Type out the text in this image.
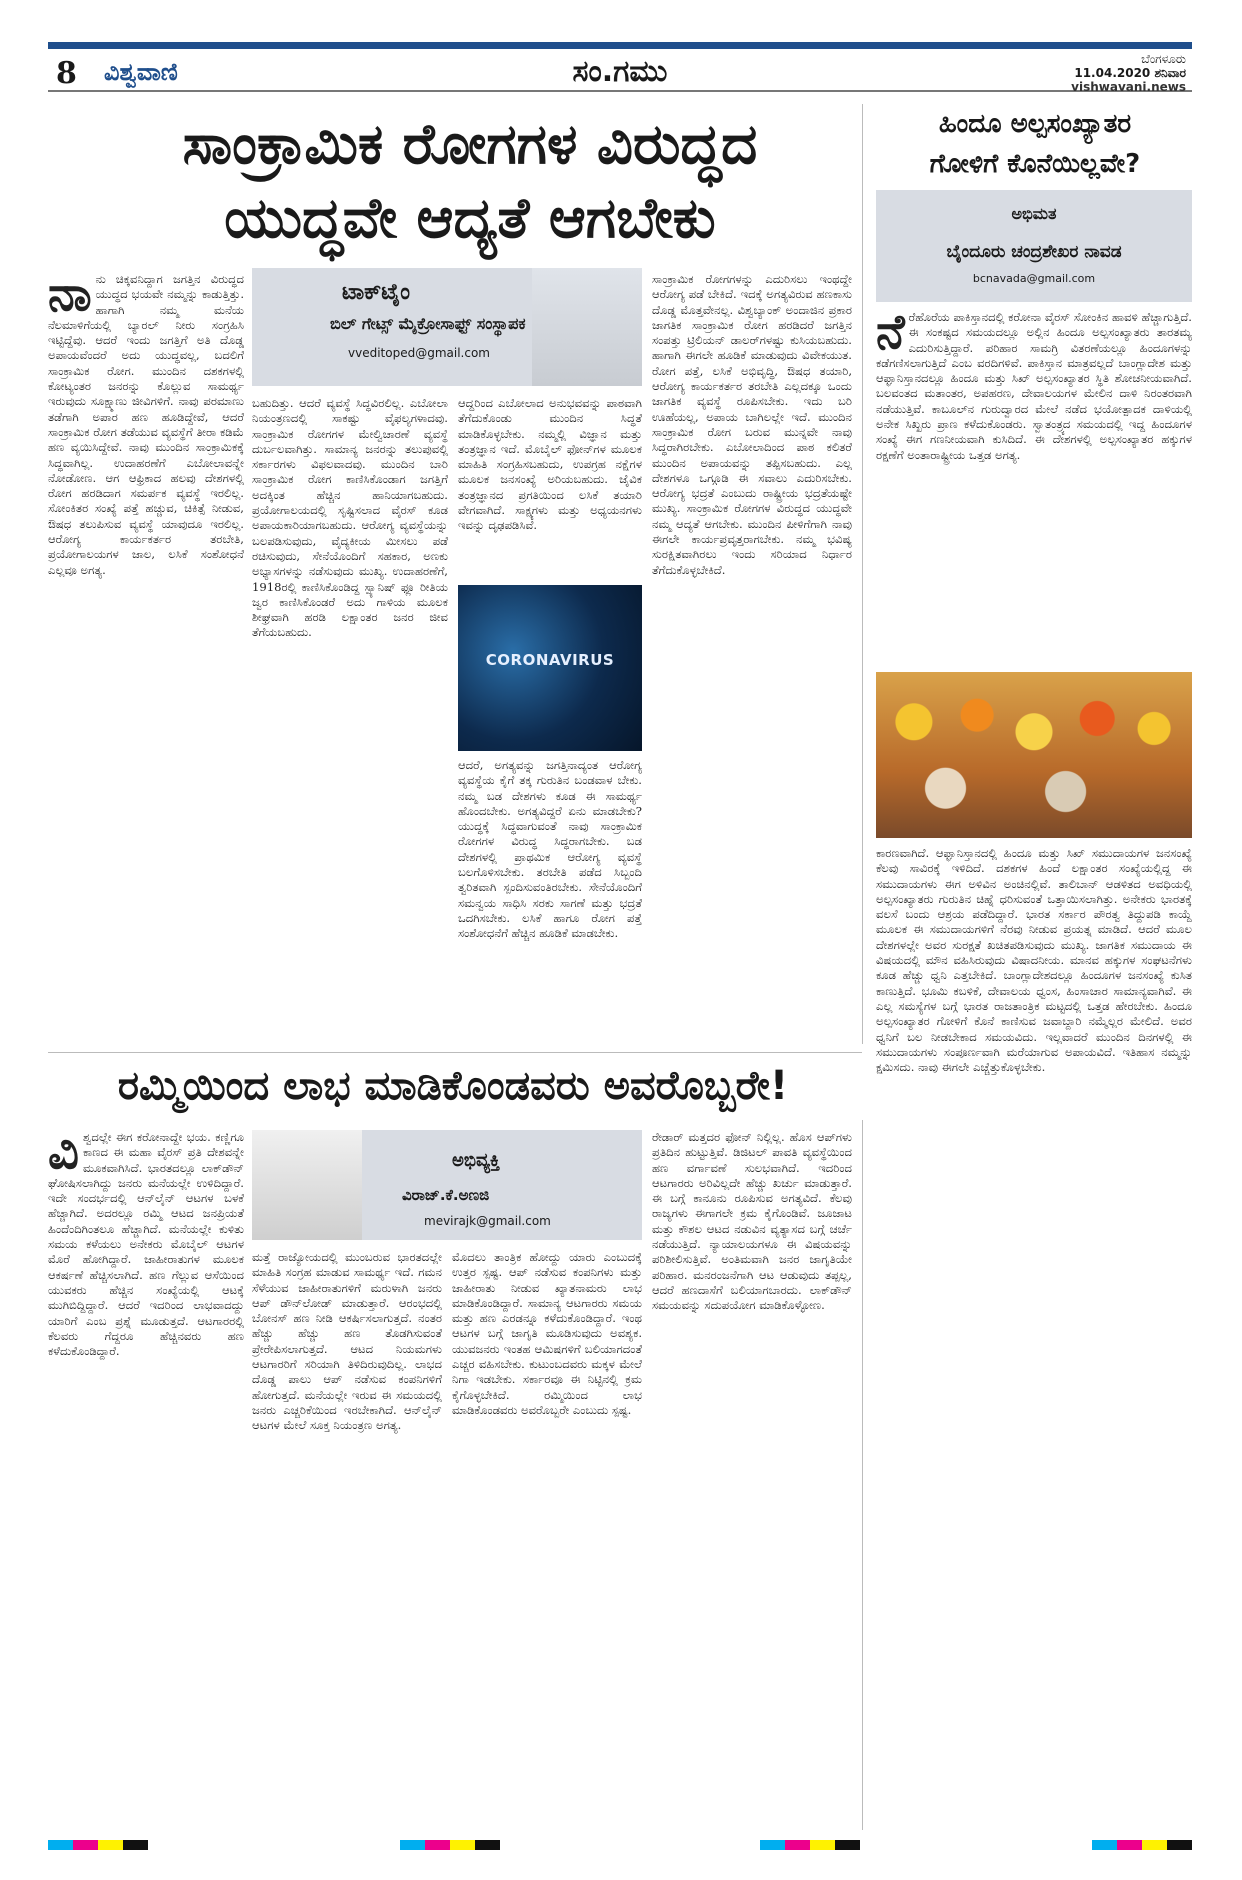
8 ವಿಶ್ವವಾಣಿ	ಸಂ.ಗಮು	ಬೆಂಗಳೂರು
11.04.2020 ಶನಿವಾರ
vishwavani.news
ಸಾಂಕ್ರಾಮಿಕ ರೋಗಗಳ ವಿರುದ್ಧದ
ಯುದ್ಧವೇ ಆದ್ಯತೆ ಆಗಬೇಕು
ಟಾಕ್‌ಟೈಂ
ಬಿಲ್ ಗೇಟ್ಸ್ ಮೈಕ್ರೋಸಾಫ್ಟ್ ಸಂಸ್ಥಾಪಕ
vveditoped@gmail.com
ನಾ ನು ಚಿಕ್ಕವನಿದ್ದಾಗ ಜಗತ್ತಿನ ವಿರುದ್ಧದ ಯುದ್ಧದ ಭಯವೇ ನಮ್ಮನ್ನು ಕಾಡುತ್ತಿತ್ತು. ಹಾಗಾಗಿ ನಮ್ಮ ಮನೆಯ ನೆಲಮಾಳಿಗೆಯಲ್ಲಿ ಬ್ಯಾರಲ್ ನೀರು ಸಂಗ್ರಹಿಸಿ ಇಟ್ಟಿದ್ದೆವು. ಆದರೆ ಇಂದು ಜಗತ್ತಿಗೆ ಅತಿ ದೊಡ್ಡ ಅಪಾಯವೆಂದರೆ ಅದು ಯುದ್ಧವಲ್ಲ, ಬದಲಿಗೆ ಸಾಂಕ್ರಾಮಿಕ ರೋಗ. ಮುಂದಿನ ದಶಕಗಳಲ್ಲಿ ಕೋಟ್ಯಂತರ ಜನರನ್ನು ಕೊಲ್ಲುವ ಸಾಮರ್ಥ್ಯ ಇರುವುದು ಸೂಕ್ಷ್ಮಾಣು ಜೀವಿಗಳಿಗೆ. ನಾವು ಪರಮಾಣು ತಡೆಗಾಗಿ ಅಪಾರ ಹಣ ಹೂಡಿದ್ದೇವೆ, ಆದರೆ ಸಾಂಕ್ರಾಮಿಕ ರೋಗ ತಡೆಯುವ ವ್ಯವಸ್ಥೆಗೆ ತೀರಾ ಕಡಿಮೆ ಹಣ ವ್ಯಯಿಸಿದ್ದೇವೆ. ನಾವು ಮುಂದಿನ ಸಾಂಕ್ರಾಮಿಕಕ್ಕೆ ಸಿದ್ಧವಾಗಿಲ್ಲ. ಉದಾಹರಣೆಗೆ ಎಬೋಲಾವನ್ನೇ ನೋಡೋಣ. ಆಗ ಆಫ್ರಿಕಾದ ಹಲವು ದೇಶಗಳಲ್ಲಿ ರೋಗ ಹರಡಿದಾಗ ಸಮರ್ಪಕ ವ್ಯವಸ್ಥೆ ಇರಲಿಲ್ಲ. ಸೋಂಕಿತರ ಸಂಖ್ಯೆ ಪತ್ತೆ ಹಚ್ಚುವ, ಚಿಕಿತ್ಸೆ ನೀಡುವ, ಔಷಧ ತಲುಪಿಸುವ ವ್ಯವಸ್ಥೆ ಯಾವುದೂ ಇರಲಿಲ್ಲ. ಆರೋಗ್ಯ ಕಾರ್ಯಕರ್ತರ ತರಬೇತಿ, ಪ್ರಯೋಗಾಲಯಗಳ ಜಾಲ, ಲಸಿಕೆ ಸಂಶೋಧನೆ ಎಲ್ಲವೂ ಅಗತ್ಯ.
ಬಹುದಿತ್ತು. ಆದರೆ ವ್ಯವಸ್ಥೆ ಸಿದ್ಧವಿರಲಿಲ್ಲ. ಎಬೋಲಾ ನಿಯಂತ್ರಣದಲ್ಲಿ ಸಾಕಷ್ಟು ವೈಫಲ್ಯಗಳಾದವು. ಸಾಂಕ್ರಾಮಿಕ ರೋಗಗಳ ಮೇಲ್ವಿಚಾರಣೆ ವ್ಯವಸ್ಥೆ ದುರ್ಬಲವಾಗಿತ್ತು. ಸಾಮಾನ್ಯ ಜನರನ್ನು ತಲುಪುವಲ್ಲಿ ಸರ್ಕಾರಗಳು ವಿಫಲವಾದವು. ಮುಂದಿನ ಬಾರಿ ಸಾಂಕ್ರಾಮಿಕ ರೋಗ ಕಾಣಿಸಿಕೊಂಡಾಗ ಜಗತ್ತಿಗೆ ಅದಕ್ಕಿಂತ ಹೆಚ್ಚಿನ ಹಾನಿಯಾಗಬಹುದು. ಪ್ರಯೋಗಾಲಯದಲ್ಲಿ ಸೃಷ್ಟಿಸಲಾದ ವೈರಸ್ ಕೂಡ ಅಪಾಯಕಾರಿಯಾಗಬಹುದು. ಆರೋಗ್ಯ ವ್ಯವಸ್ಥೆಯನ್ನು ಬಲಪಡಿಸುವುದು, ವೈದ್ಯಕೀಯ ಮೀಸಲು ಪಡೆ ರಚಿಸುವುದು, ಸೇನೆಯೊಂದಿಗೆ ಸಹಕಾರ, ಅಣಕು ಅಭ್ಯಾಸಗಳನ್ನು ನಡೆಸುವುದು ಮುಖ್ಯ. ಉದಾಹರಣೆಗೆ, 1918ರಲ್ಲಿ ಕಾಣಿಸಿಕೊಂಡಿದ್ದ ಸ್ಪ್ಯಾನಿಷ್ ಫ್ಲೂ ರೀತಿಯ ಜ್ವರ ಕಾಣಿಸಿಕೊಂಡರೆ ಅದು ಗಾಳಿಯ ಮೂಲಕ ಶೀಘ್ರವಾಗಿ ಹರಡಿ ಲಕ್ಷಾಂತರ ಜನರ ಜೀವ ತೆಗೆಯಬಹುದು.
ಆದ್ದರಿಂದ ಎಬೋಲಾದ ಅನುಭವವನ್ನು ಪಾಠವಾಗಿ ತೆಗೆದುಕೊಂಡು ಮುಂದಿನ ಸಿದ್ಧತೆ ಮಾಡಿಕೊಳ್ಳಬೇಕು. ನಮ್ಮಲ್ಲಿ ವಿಜ್ಞಾನ ಮತ್ತು ತಂತ್ರಜ್ಞಾನ ಇದೆ. ಮೊಬೈಲ್ ಫೋನ್‌ಗಳ ಮೂಲಕ ಮಾಹಿತಿ ಸಂಗ್ರಹಿಸಬಹುದು, ಉಪಗ್ರಹ ನಕ್ಷೆಗಳ ಮೂಲಕ ಜನಸಂಖ್ಯೆ ಅರಿಯಬಹುದು. ಜೈವಿಕ ತಂತ್ರಜ್ಞಾನದ ಪ್ರಗತಿಯಿಂದ ಲಸಿಕೆ ತಯಾರಿ ವೇಗವಾಗಿದೆ. ಸಾಕ್ಷ್ಯಗಳು ಮತ್ತು ಅಧ್ಯಯನಗಳು ಇವನ್ನು ದೃಢಪಡಿಸಿವೆ.
CORONAVIRUS
ಆದರೆ, ಅಗತ್ಯವನ್ನು ಜಗತ್ತಿನಾದ್ಯಂತ ಆರೋಗ್ಯ ವ್ಯವಸ್ಥೆಯ ಕೈಗೆ ತಕ್ಕ ಗುರುತಿನ ಬಂಡವಾಳ ಬೇಕು. ನಮ್ಮ ಬಡ ದೇಶಗಳು ಕೂಡ ಈ ಸಾಮರ್ಥ್ಯ ಹೊಂದಬೇಕು. ಅಗತ್ಯವಿದ್ದರೆ ಏನು ಮಾಡಬೇಕು? ಯುದ್ಧಕ್ಕೆ ಸಿದ್ಧವಾಗುವಂತೆ ನಾವು ಸಾಂಕ್ರಾಮಿಕ ರೋಗಗಳ ವಿರುದ್ಧ ಸಿದ್ಧರಾಗಬೇಕು. ಬಡ ದೇಶಗಳಲ್ಲಿ ಪ್ರಾಥಮಿಕ ಆರೋಗ್ಯ ವ್ಯವಸ್ಥೆ ಬಲಗೊಳಿಸಬೇಕು. ತರಬೇತಿ ಪಡೆದ ಸಿಬ್ಬಂದಿ ತ್ವರಿತವಾಗಿ ಸ್ಪಂದಿಸುವಂತಿರಬೇಕು. ಸೇನೆಯೊಂದಿಗೆ ಸಮನ್ವಯ ಸಾಧಿಸಿ ಸರಕು ಸಾಗಣೆ ಮತ್ತು ಭದ್ರತೆ ಒದಗಿಸಬೇಕು. ಲಸಿಕೆ ಹಾಗೂ ರೋಗ ಪತ್ತೆ ಸಂಶೋಧನೆಗೆ ಹೆಚ್ಚಿನ ಹೂಡಿಕೆ ಮಾಡಬೇಕು.
ಸಾಂಕ್ರಾಮಿಕ ರೋಗಗಳನ್ನು ಎದುರಿಸಲು ಇಂಥದ್ದೇ ಆರೋಗ್ಯ ಪಡೆ ಬೇಕಿದೆ. ಇದಕ್ಕೆ ಅಗತ್ಯವಿರುವ ಹಣಕಾಸು ದೊಡ್ಡ ಮೊತ್ತವೇನಲ್ಲ. ವಿಶ್ವಬ್ಯಾಂಕ್ ಅಂದಾಜಿನ ಪ್ರಕಾರ ಜಾಗತಿಕ ಸಾಂಕ್ರಾಮಿಕ ರೋಗ ಹರಡಿದರೆ ಜಗತ್ತಿನ ಸಂಪತ್ತು ಟ್ರಿಲಿಯನ್ ಡಾಲರ್‌ಗಳಷ್ಟು ಕುಸಿಯಬಹುದು. ಹಾಗಾಗಿ ಈಗಲೇ ಹೂಡಿಕೆ ಮಾಡುವುದು ವಿವೇಕಯುತ. ರೋಗ ಪತ್ತೆ, ಲಸಿಕೆ ಅಭಿವೃದ್ಧಿ, ಔಷಧ ತಯಾರಿ, ಆರೋಗ್ಯ ಕಾರ್ಯಕರ್ತರ ತರಬೇತಿ ಎಲ್ಲದಕ್ಕೂ ಒಂದು ಜಾಗತಿಕ ವ್ಯವಸ್ಥೆ ರೂಪಿಸಬೇಕು. ಇದು ಬರಿ ಊಹೆಯಲ್ಲ, ಅಪಾಯ ಬಾಗಿಲಲ್ಲೇ ಇದೆ. ಮುಂದಿನ ಸಾಂಕ್ರಾಮಿಕ ರೋಗ ಬರುವ ಮುನ್ನವೇ ನಾವು ಸಿದ್ಧರಾಗಿರಬೇಕು. ಎಬೋಲಾದಿಂದ ಪಾಠ ಕಲಿತರೆ ಮುಂದಿನ ಅಪಾಯವನ್ನು ತಪ್ಪಿಸಬಹುದು. ಎಲ್ಲ ದೇಶಗಳೂ ಒಗ್ಗೂಡಿ ಈ ಸವಾಲು ಎದುರಿಸಬೇಕು. ಆರೋಗ್ಯ ಭದ್ರತೆ ಎಂಬುದು ರಾಷ್ಟ್ರೀಯ ಭದ್ರತೆಯಷ್ಟೇ ಮುಖ್ಯ. ಸಾಂಕ್ರಾಮಿಕ ರೋಗಗಳ ವಿರುದ್ಧದ ಯುದ್ಧವೇ ನಮ್ಮ ಆದ್ಯತೆ ಆಗಬೇಕು. ಮುಂದಿನ ಪೀಳಿಗೆಗಾಗಿ ನಾವು ಈಗಲೇ ಕಾರ್ಯಪ್ರವೃತ್ತರಾಗಬೇಕು. ನಮ್ಮ ಭವಿಷ್ಯ ಸುರಕ್ಷಿತವಾಗಿರಲು ಇಂದು ಸರಿಯಾದ ನಿರ್ಧಾರ ತೆಗೆದುಕೊಳ್ಳಬೇಕಿದೆ.
ರಮ್ಮಿಯಿಂದ ಲಾಭ ಮಾಡಿಕೊಂಡವರು ಅವರೊಬ್ಬರೇ!
ಅಭಿವ್ಯಕ್ತಿ
ವಿರಾಜ್.ಕೆ.ಅಣಜಿ
mevirajk@gmail.com
ವಿ ಶ್ವದಲ್ಲೇ ಈಗ ಕರೋನಾದ್ದೇ ಭಯ. ಕಣ್ಣಿಗೂ ಕಾಣದ ಈ ಮಹಾ ವೈರಸ್ ಪ್ರತಿ ದೇಶವನ್ನೇ ಮೂಕವಾಗಿಸಿದೆ. ಭಾರತದಲ್ಲೂ ಲಾಕ್‌ಡೌನ್ ಘೋಷಿಸಲಾಗಿದ್ದು ಜನರು ಮನೆಯಲ್ಲೇ ಉಳಿದಿದ್ದಾರೆ. ಇದೇ ಸಂದರ್ಭದಲ್ಲಿ ಆನ್‌ಲೈನ್ ಆಟಗಳ ಬಳಕೆ ಹೆಚ್ಚಾಗಿದೆ. ಅದರಲ್ಲೂ ರಮ್ಮಿ ಆಟದ ಜನಪ್ರಿಯತೆ ಹಿಂದೆಂದಿಗಿಂತಲೂ ಹೆಚ್ಚಾಗಿದೆ. ಮನೆಯಲ್ಲೇ ಕುಳಿತು ಸಮಯ ಕಳೆಯಲು ಅನೇಕರು ಮೊಬೈಲ್ ಆಟಗಳ ಮೊರೆ ಹೋಗಿದ್ದಾರೆ. ಜಾಹೀರಾತುಗಳ ಮೂಲಕ ಆಕರ್ಷಣೆ ಹೆಚ್ಚಿಸಲಾಗಿದೆ. ಹಣ ಗೆಲ್ಲುವ ಆಸೆಯಿಂದ ಯುವಕರು ಹೆಚ್ಚಿನ ಸಂಖ್ಯೆಯಲ್ಲಿ ಆಟಕ್ಕೆ ಮುಗಿಬಿದ್ದಿದ್ದಾರೆ. ಆದರೆ ಇದರಿಂದ ಲಾಭವಾದದ್ದು ಯಾರಿಗೆ ಎಂಬ ಪ್ರಶ್ನೆ ಮೂಡುತ್ತದೆ. ಆಟಗಾರರಲ್ಲಿ ಕೆಲವರು ಗೆದ್ದರೂ ಹೆಚ್ಚಿನವರು ಹಣ ಕಳೆದುಕೊಂಡಿದ್ದಾರೆ.
ಮತ್ತೆ ರಾಜ್ಯೋಯದಲ್ಲಿ ಮುಂಬರುವ ಭಾರತದಲ್ಲೇ ಮಾಹಿತಿ ಸಂಗ್ರಹ ಮಾಡುವ ಸಾಮರ್ಥ್ಯ ಇದೆ. ಗಮನ ಸೆಳೆಯುವ ಜಾಹೀರಾತುಗಳಿಗೆ ಮರುಳಾಗಿ ಜನರು ಆಪ್ ಡೌನ್‌ಲೋಡ್ ಮಾಡುತ್ತಾರೆ. ಆರಂಭದಲ್ಲಿ ಬೋನಸ್ ಹಣ ನೀಡಿ ಆಕರ್ಷಿಸಲಾಗುತ್ತದೆ. ನಂತರ ಹೆಚ್ಚು ಹೆಚ್ಚು ಹಣ ತೊಡಗಿಸುವಂತೆ ಪ್ರೇರೇಪಿಸಲಾಗುತ್ತದೆ. ಆಟದ ನಿಯಮಗಳು ಆಟಗಾರರಿಗೆ ಸರಿಯಾಗಿ ತಿಳಿದಿರುವುದಿಲ್ಲ. ಲಾಭದ ದೊಡ್ಡ ಪಾಲು ಆಪ್ ನಡೆಸುವ ಕಂಪನಿಗಳಿಗೆ ಹೋಗುತ್ತದೆ. ಮನೆಯಲ್ಲೇ ಇರುವ ಈ ಸಮಯದಲ್ಲಿ ಜನರು ಎಚ್ಚರಿಕೆಯಿಂದ ಇರಬೇಕಾಗಿದೆ. ಆನ್‌ಲೈನ್ ಆಟಗಳ ಮೇಲೆ ಸೂಕ್ತ ನಿಯಂತ್ರಣ ಅಗತ್ಯ.
ಮೊದಲು ತಾಂತ್ರಿಕ ಹೋದ್ದು ಯಾರು ಎಂಬುದಕ್ಕೆ ಉತ್ತರ ಸ್ಪಷ್ಟ. ಆಪ್ ನಡೆಸುವ ಕಂಪನಿಗಳು ಮತ್ತು ಜಾಹೀರಾತು ನೀಡುವ ಖ್ಯಾತನಾಮರು ಲಾಭ ಮಾಡಿಕೊಂಡಿದ್ದಾರೆ. ಸಾಮಾನ್ಯ ಆಟಗಾರರು ಸಮಯ ಮತ್ತು ಹಣ ಎರಡನ್ನೂ ಕಳೆದುಕೊಂಡಿದ್ದಾರೆ. ಇಂಥ ಆಟಗಳ ಬಗ್ಗೆ ಜಾಗೃತಿ ಮೂಡಿಸುವುದು ಅವಶ್ಯಕ. ಯುವಜನರು ಇಂತಹ ಆಮಿಷಗಳಿಗೆ ಬಲಿಯಾಗದಂತೆ ಎಚ್ಚರ ವಹಿಸಬೇಕು. ಕುಟುಂಬದವರು ಮಕ್ಕಳ ಮೇಲೆ ನಿಗಾ ಇಡಬೇಕು. ಸರ್ಕಾರವೂ ಈ ನಿಟ್ಟಿನಲ್ಲಿ ಕ್ರಮ ಕೈಗೊಳ್ಳಬೇಕಿದೆ. ರಮ್ಮಿಯಿಂದ ಲಾಭ ಮಾಡಿಕೊಂಡವರು ಅವರೊಬ್ಬರೇ ಎಂಬುದು ಸ್ಪಷ್ಟ.
ರೇಡಾರ್ ಮತ್ತದರ ಫೋನ್ ನಿಲ್ಲಿಲ್ಲ. ಹೊಸ ಆಪ್‌ಗಳು ಪ್ರತಿದಿನ ಹುಟ್ಟುತ್ತಿವೆ. ಡಿಜಿಟಲ್ ಪಾವತಿ ವ್ಯವಸ್ಥೆಯಿಂದ ಹಣ ವರ್ಗಾವಣೆ ಸುಲಭವಾಗಿದೆ. ಇದರಿಂದ ಆಟಗಾರರು ಅರಿವಿಲ್ಲದೇ ಹೆಚ್ಚು ಖರ್ಚು ಮಾಡುತ್ತಾರೆ. ಈ ಬಗ್ಗೆ ಕಾನೂನು ರೂಪಿಸುವ ಅಗತ್ಯವಿದೆ. ಕೆಲವು ರಾಜ್ಯಗಳು ಈಗಾಗಲೇ ಕ್ರಮ ಕೈಗೊಂಡಿವೆ. ಜೂಜಾಟ ಮತ್ತು ಕೌಶಲ ಆಟದ ನಡುವಿನ ವ್ಯತ್ಯಾಸದ ಬಗ್ಗೆ ಚರ್ಚೆ ನಡೆಯುತ್ತಿದೆ. ನ್ಯಾಯಾಲಯಗಳೂ ಈ ವಿಷಯವನ್ನು ಪರಿಶೀಲಿಸುತ್ತಿವೆ. ಅಂತಿಮವಾಗಿ ಜನರ ಜಾಗೃತಿಯೇ ಪರಿಹಾರ. ಮನರಂಜನೆಗಾಗಿ ಆಟ ಆಡುವುದು ತಪ್ಪಲ್ಲ, ಆದರೆ ಹಣದಾಸೆಗೆ ಬಲಿಯಾಗಬಾರದು. ಲಾಕ್‌ಡೌನ್ ಸಮಯವನ್ನು ಸದುಪಯೋಗ ಮಾಡಿಕೊಳ್ಳೋಣ.
ಹಿಂದೂ ಅಲ್ಪಸಂಖ್ಯಾತರ
ಗೋಳಿಗೆ ಕೊನೆಯಿಲ್ಲವೇ?
ಅಭಿಮತ
ಬೈಂದೂರು ಚಂದ್ರಶೇಖರ ನಾವಡ
bcnavada@gmail.com
ನೆ ರೆಹೊರೆಯ ಪಾಕಿಸ್ತಾನದಲ್ಲಿ ಕರೋನಾ ವೈರಸ್ ಸೋಂಕಿನ ಹಾವಳಿ ಹೆಚ್ಚಾಗುತ್ತಿದೆ. ಈ ಸಂಕಷ್ಟದ ಸಮಯದಲ್ಲೂ ಅಲ್ಲಿನ ಹಿಂದೂ ಅಲ್ಪಸಂಖ್ಯಾತರು ತಾರತಮ್ಯ ಎದುರಿಸುತ್ತಿದ್ದಾರೆ. ಪರಿಹಾರ ಸಾಮಗ್ರಿ ವಿತರಣೆಯಲ್ಲೂ ಹಿಂದೂಗಳನ್ನು ಕಡೆಗಣಿಸಲಾಗುತ್ತಿದೆ ಎಂಬ ವರದಿಗಳಿವೆ. ಪಾಕಿಸ್ತಾನ ಮಾತ್ರವಲ್ಲದೆ ಬಾಂಗ್ಲಾದೇಶ ಮತ್ತು ಆಫ್ಘಾನಿಸ್ತಾನದಲ್ಲೂ ಹಿಂದೂ ಮತ್ತು ಸಿಖ್ ಅಲ್ಪಸಂಖ್ಯಾತರ ಸ್ಥಿತಿ ಶೋಚನೀಯವಾಗಿದೆ. ಬಲವಂತದ ಮತಾಂತರ, ಅಪಹರಣ, ದೇವಾಲಯಗಳ ಮೇಲಿನ ದಾಳಿ ನಿರಂತರವಾಗಿ ನಡೆಯುತ್ತಿವೆ. ಕಾಬೂಲ್‌ನ ಗುರುದ್ವಾರದ ಮೇಲೆ ನಡೆದ ಭಯೋತ್ಪಾದಕ ದಾಳಿಯಲ್ಲಿ ಅನೇಕ ಸಿಖ್ಖರು ಪ್ರಾಣ ಕಳೆದುಕೊಂಡರು. ಸ್ವಾತಂತ್ರ್ಯದ ಸಮಯದಲ್ಲಿ ಇದ್ದ ಹಿಂದೂಗಳ ಸಂಖ್ಯೆ ಈಗ ಗಣನೀಯವಾಗಿ ಕುಸಿದಿದೆ. ಈ ದೇಶಗಳಲ್ಲಿ ಅಲ್ಪಸಂಖ್ಯಾತರ ಹಕ್ಕುಗಳ ರಕ್ಷಣೆಗೆ ಅಂತಾರಾಷ್ಟ್ರೀಯ ಒತ್ತಡ ಅಗತ್ಯ.
ಕಾರಣವಾಗಿದೆ. ಆಫ್ಘಾನಿಸ್ತಾನದಲ್ಲಿ ಹಿಂದೂ ಮತ್ತು ಸಿಖ್ ಸಮುದಾಯಗಳ ಜನಸಂಖ್ಯೆ ಕೆಲವು ಸಾವಿರಕ್ಕೆ ಇಳಿದಿದೆ. ದಶಕಗಳ ಹಿಂದೆ ಲಕ್ಷಾಂತರ ಸಂಖ್ಯೆಯಲ್ಲಿದ್ದ ಈ ಸಮುದಾಯಗಳು ಈಗ ಅಳಿವಿನ ಅಂಚಿನಲ್ಲಿವೆ. ತಾಲಿಬಾನ್ ಆಡಳಿತದ ಅವಧಿಯಲ್ಲಿ ಅಲ್ಪಸಂಖ್ಯಾತರು ಗುರುತಿನ ಚಿಹ್ನೆ ಧರಿಸುವಂತೆ ಒತ್ತಾಯಿಸಲಾಗಿತ್ತು. ಅನೇಕರು ಭಾರತಕ್ಕೆ ವಲಸೆ ಬಂದು ಆಶ್ರಯ ಪಡೆದಿದ್ದಾರೆ. ಭಾರತ ಸರ್ಕಾರ ಪೌರತ್ವ ತಿದ್ದುಪಡಿ ಕಾಯ್ದೆ ಮೂಲಕ ಈ ಸಮುದಾಯಗಳಿಗೆ ನೆರವು ನೀಡುವ ಪ್ರಯತ್ನ ಮಾಡಿದೆ. ಆದರೆ ಮೂಲ ದೇಶಗಳಲ್ಲೇ ಅವರ ಸುರಕ್ಷತೆ ಖಚಿತಪಡಿಸುವುದು ಮುಖ್ಯ. ಜಾಗತಿಕ ಸಮುದಾಯ ಈ ವಿಷಯದಲ್ಲಿ ಮೌನ ವಹಿಸಿರುವುದು ವಿಷಾದನೀಯ. ಮಾನವ ಹಕ್ಕುಗಳ ಸಂಘಟನೆಗಳು ಕೂಡ ಹೆಚ್ಚು ಧ್ವನಿ ಎತ್ತಬೇಕಿದೆ. ಬಾಂಗ್ಲಾದೇಶದಲ್ಲೂ ಹಿಂದೂಗಳ ಜನಸಂಖ್ಯೆ ಕುಸಿತ ಕಾಣುತ್ತಿದೆ. ಭೂಮಿ ಕಬಳಿಕೆ, ದೇವಾಲಯ ಧ್ವಂಸ, ಹಿಂಸಾಚಾರ ಸಾಮಾನ್ಯವಾಗಿವೆ. ಈ ಎಲ್ಲ ಸಮಸ್ಯೆಗಳ ಬಗ್ಗೆ ಭಾರತ ರಾಜತಾಂತ್ರಿಕ ಮಟ್ಟದಲ್ಲಿ ಒತ್ತಡ ಹೇರಬೇಕು. ಹಿಂದೂ ಅಲ್ಪಸಂಖ್ಯಾತರ ಗೋಳಿಗೆ ಕೊನೆ ಕಾಣಿಸುವ ಜವಾಬ್ದಾರಿ ನಮ್ಮೆಲ್ಲರ ಮೇಲಿದೆ. ಅವರ ಧ್ವನಿಗೆ ಬಲ ನೀಡಬೇಕಾದ ಸಮಯವಿದು. ಇಲ್ಲವಾದರೆ ಮುಂದಿನ ದಿನಗಳಲ್ಲಿ ಈ ಸಮುದಾಯಗಳು ಸಂಪೂರ್ಣವಾಗಿ ಮರೆಯಾಗುವ ಅಪಾಯವಿದೆ. ಇತಿಹಾಸ ನಮ್ಮನ್ನು ಕ್ಷಮಿಸದು. ನಾವು ಈಗಲೇ ಎಚ್ಚೆತ್ತುಕೊಳ್ಳಬೇಕು.
